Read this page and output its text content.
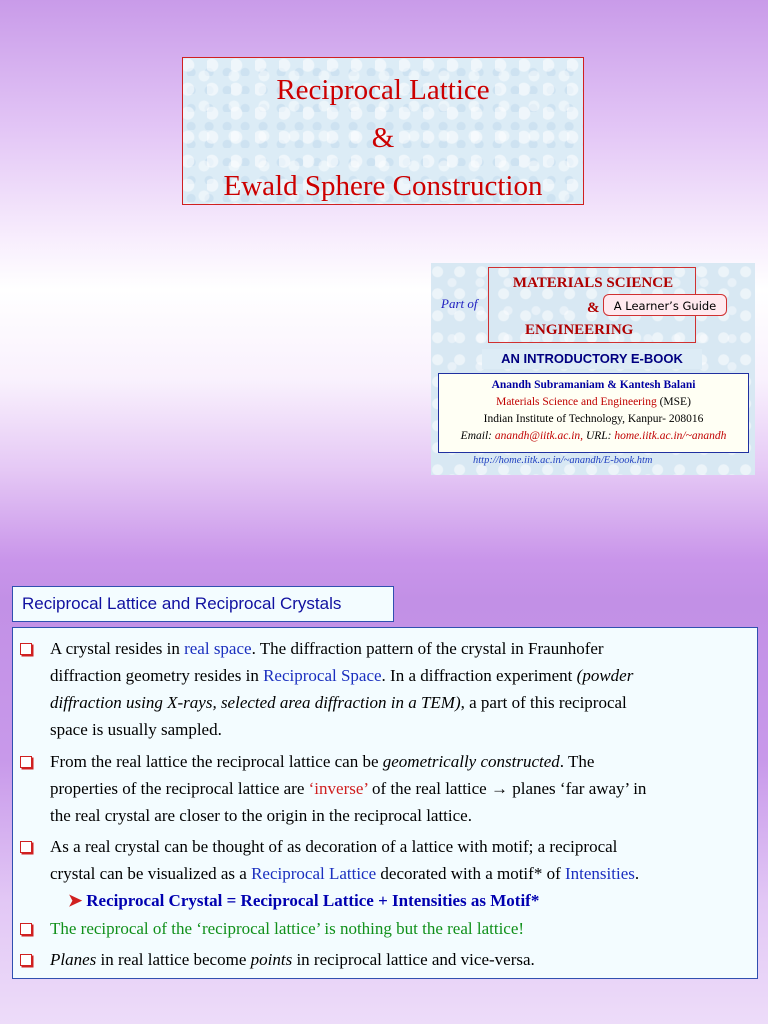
Reciprocal Lattice
&
Ewald Sphere Construction
Part of
MATERIALS SCIENCE
&
ENGINEERING
A Learner’s Guide
AN INTRODUCTORY E-BOOK
Anandh Subramaniam & Kantesh Balani
Materials Science and Engineering (MSE)
Indian Institute of Technology, Kanpur- 208016
Email: anandh@iitk.ac.in, URL: home.iitk.ac.in/~anandh
http://home.iitk.ac.in/~anandh/E-book.htm
Reciprocal Lattice and Reciprocal Crystals
A crystal resides in real space. The diffraction pattern of the crystal in Fraunhofer
diffraction geometry resides in Reciprocal Space. In a diffraction experiment (powder
diffraction using X-rays, selected area diffraction in a TEM), a part of this reciprocal
space is usually sampled.
From the real lattice the reciprocal lattice can be geometrically constructed. The
properties of the reciprocal lattice are ‘inverse’ of the real lattice → planes ‘far away’ in
the real crystal are closer to the origin in the reciprocal lattice.
As a real crystal can be thought of as decoration of a lattice with motif; a reciprocal
crystal can be visualized as a Reciprocal Lattice decorated with a motif* of Intensities.
➤ Reciprocal Crystal = Reciprocal Lattice + Intensities as Motif*
The reciprocal of the ‘reciprocal lattice’ is nothing but the real lattice!
Planes in real lattice become points in reciprocal lattice and vice-versa.
